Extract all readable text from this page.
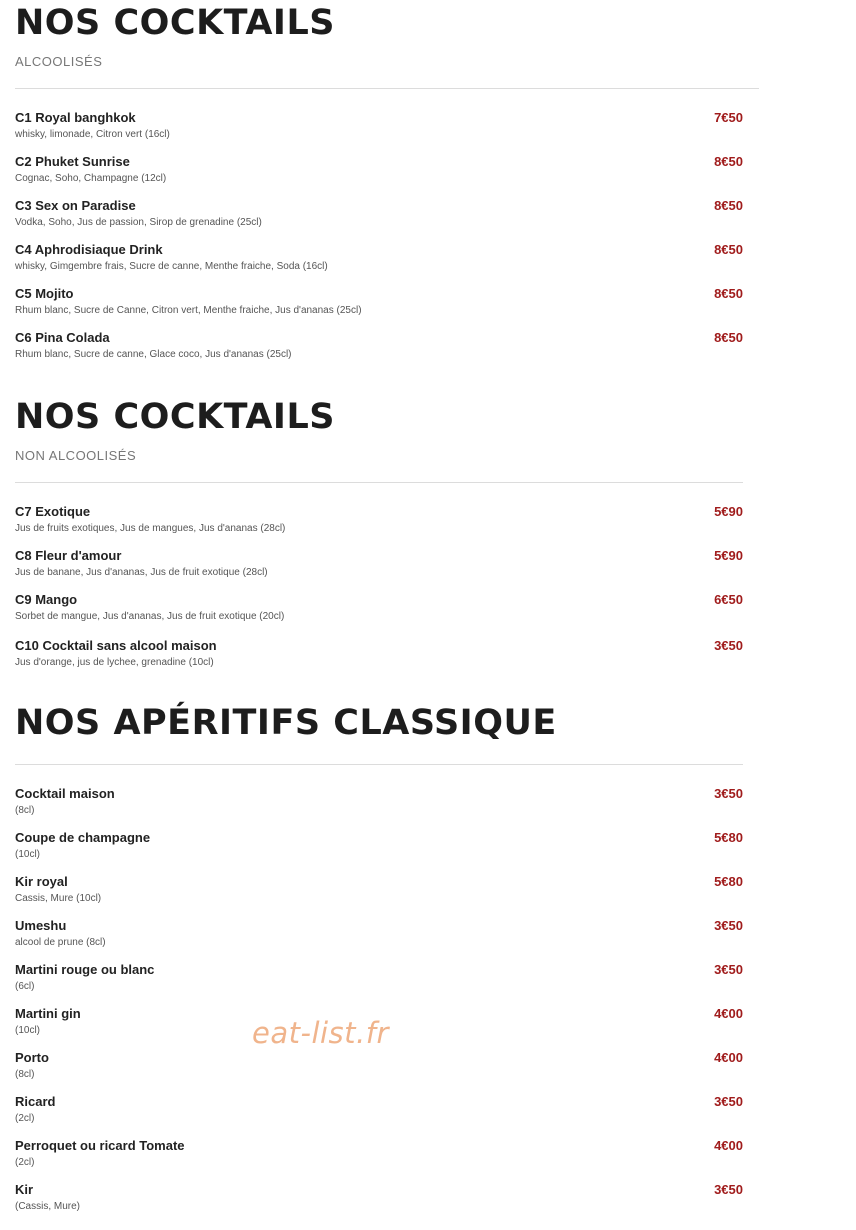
NOS COCKTAILS
ALCOOLISÉS
C1 Royal banghkok
whisky, limonade, Citron vert (16cl)
7€50
C2 Phuket Sunrise
Cognac, Soho, Champagne (12cl)
8€50
C3 Sex on Paradise
Vodka, Soho, Jus de passion, Sirop de grenadine (25cl)
8€50
C4 Aphrodisiaque Drink
whisky, Gimgembre frais, Sucre de canne, Menthe fraiche, Soda (16cl)
8€50
C5 Mojito
Rhum blanc, Sucre de Canne, Citron vert, Menthe fraiche, Jus d'ananas (25cl)
8€50
C6 Pina Colada
Rhum blanc, Sucre de canne, Glace coco, Jus d'ananas (25cl)
8€50
NOS COCKTAILS
NON ALCOOLISÉS
C7 Exotique
Jus de fruits exotiques, Jus de mangues, Jus d'ananas (28cl)
5€90
C8 Fleur d'amour
Jus de banane, Jus d'ananas, Jus de fruit exotique (28cl)
5€90
C9 Mango
Sorbet de mangue, Jus d'ananas, Jus de fruit exotique (20cl)
6€50
C10 Cocktail sans alcool maison
Jus d'orange, jus de lychee, grenadine (10cl)
3€50
NOS APÉRITIFS CLASSIQUE
Cocktail maison
(8cl)
3€50
Coupe de champagne
(10cl)
5€80
Kir royal
Cassis, Mure (10cl)
5€80
Umeshu
alcool de prune (8cl)
3€50
Martini rouge ou blanc
(6cl)
3€50
Martini gin
(10cl)
4€00
Porto
(8cl)
4€00
Ricard
(2cl)
3€50
Perroquet ou ricard Tomate
(2cl)
4€00
Kir
(Cassis, Mure)
3€50
eat-list.fr
